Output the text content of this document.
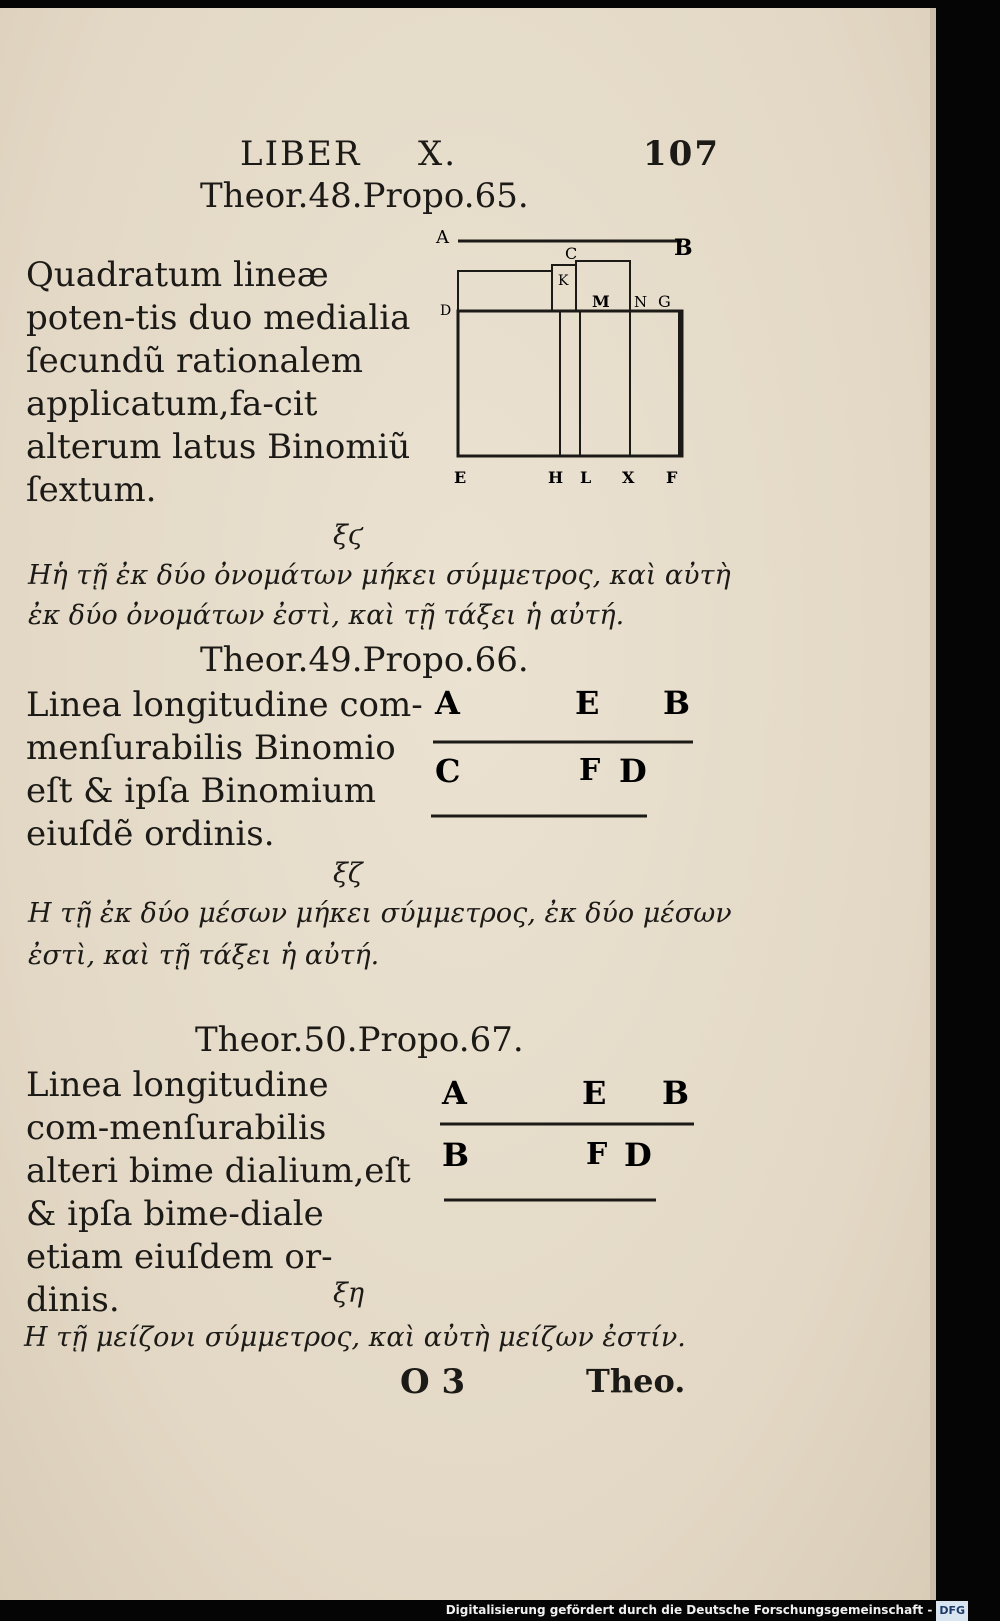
LIBER X.	107
Theor.48.Propo.65.
Quadratum lineæ poten-tis duo medialia ſecundũ rationalem applicatum,fa-cit alterum latus Binomiũ ſextum.
A	B
C
K
D	M N G
E	H L X F
ξϛ
Ηἡ τῇ ἐκ δύο ὀνομάτων μήκει σύμμετρος, καὶ αὐτὴ
ἐκ δύο ὀνομάτων ἐστὶ, καὶ τῇ τάξει ἡ αὐτή.
Theor.49.Propo.66.
Linea longitudine com-menſurabilis Binomio eſt & ipſa Binomium eiuſdẽ ordinis.
A	E B
C	F D
ξζ
Η τῇ ἐκ δύο μέσων μήκει σύμμετρος, ἐκ δύο μέσων
ἐστὶ, καὶ τῇ τάξει ἡ αὐτή.
Theor.50.Propo.67.
Linea longitudine com-menſurabilis alteri bime dialium,eſt & ipſa bime-diale etiam eiuſdem or-dinis.
A	E B
B	F D
ξη
Η τῇ μείζονι σύμμετρος, καὶ αὐτὴ μείζων ἐστίν.
O 3	Theo.
Digitalisierung gefördert durch die Deutsche Forschungsgemeinschaft - DFG
